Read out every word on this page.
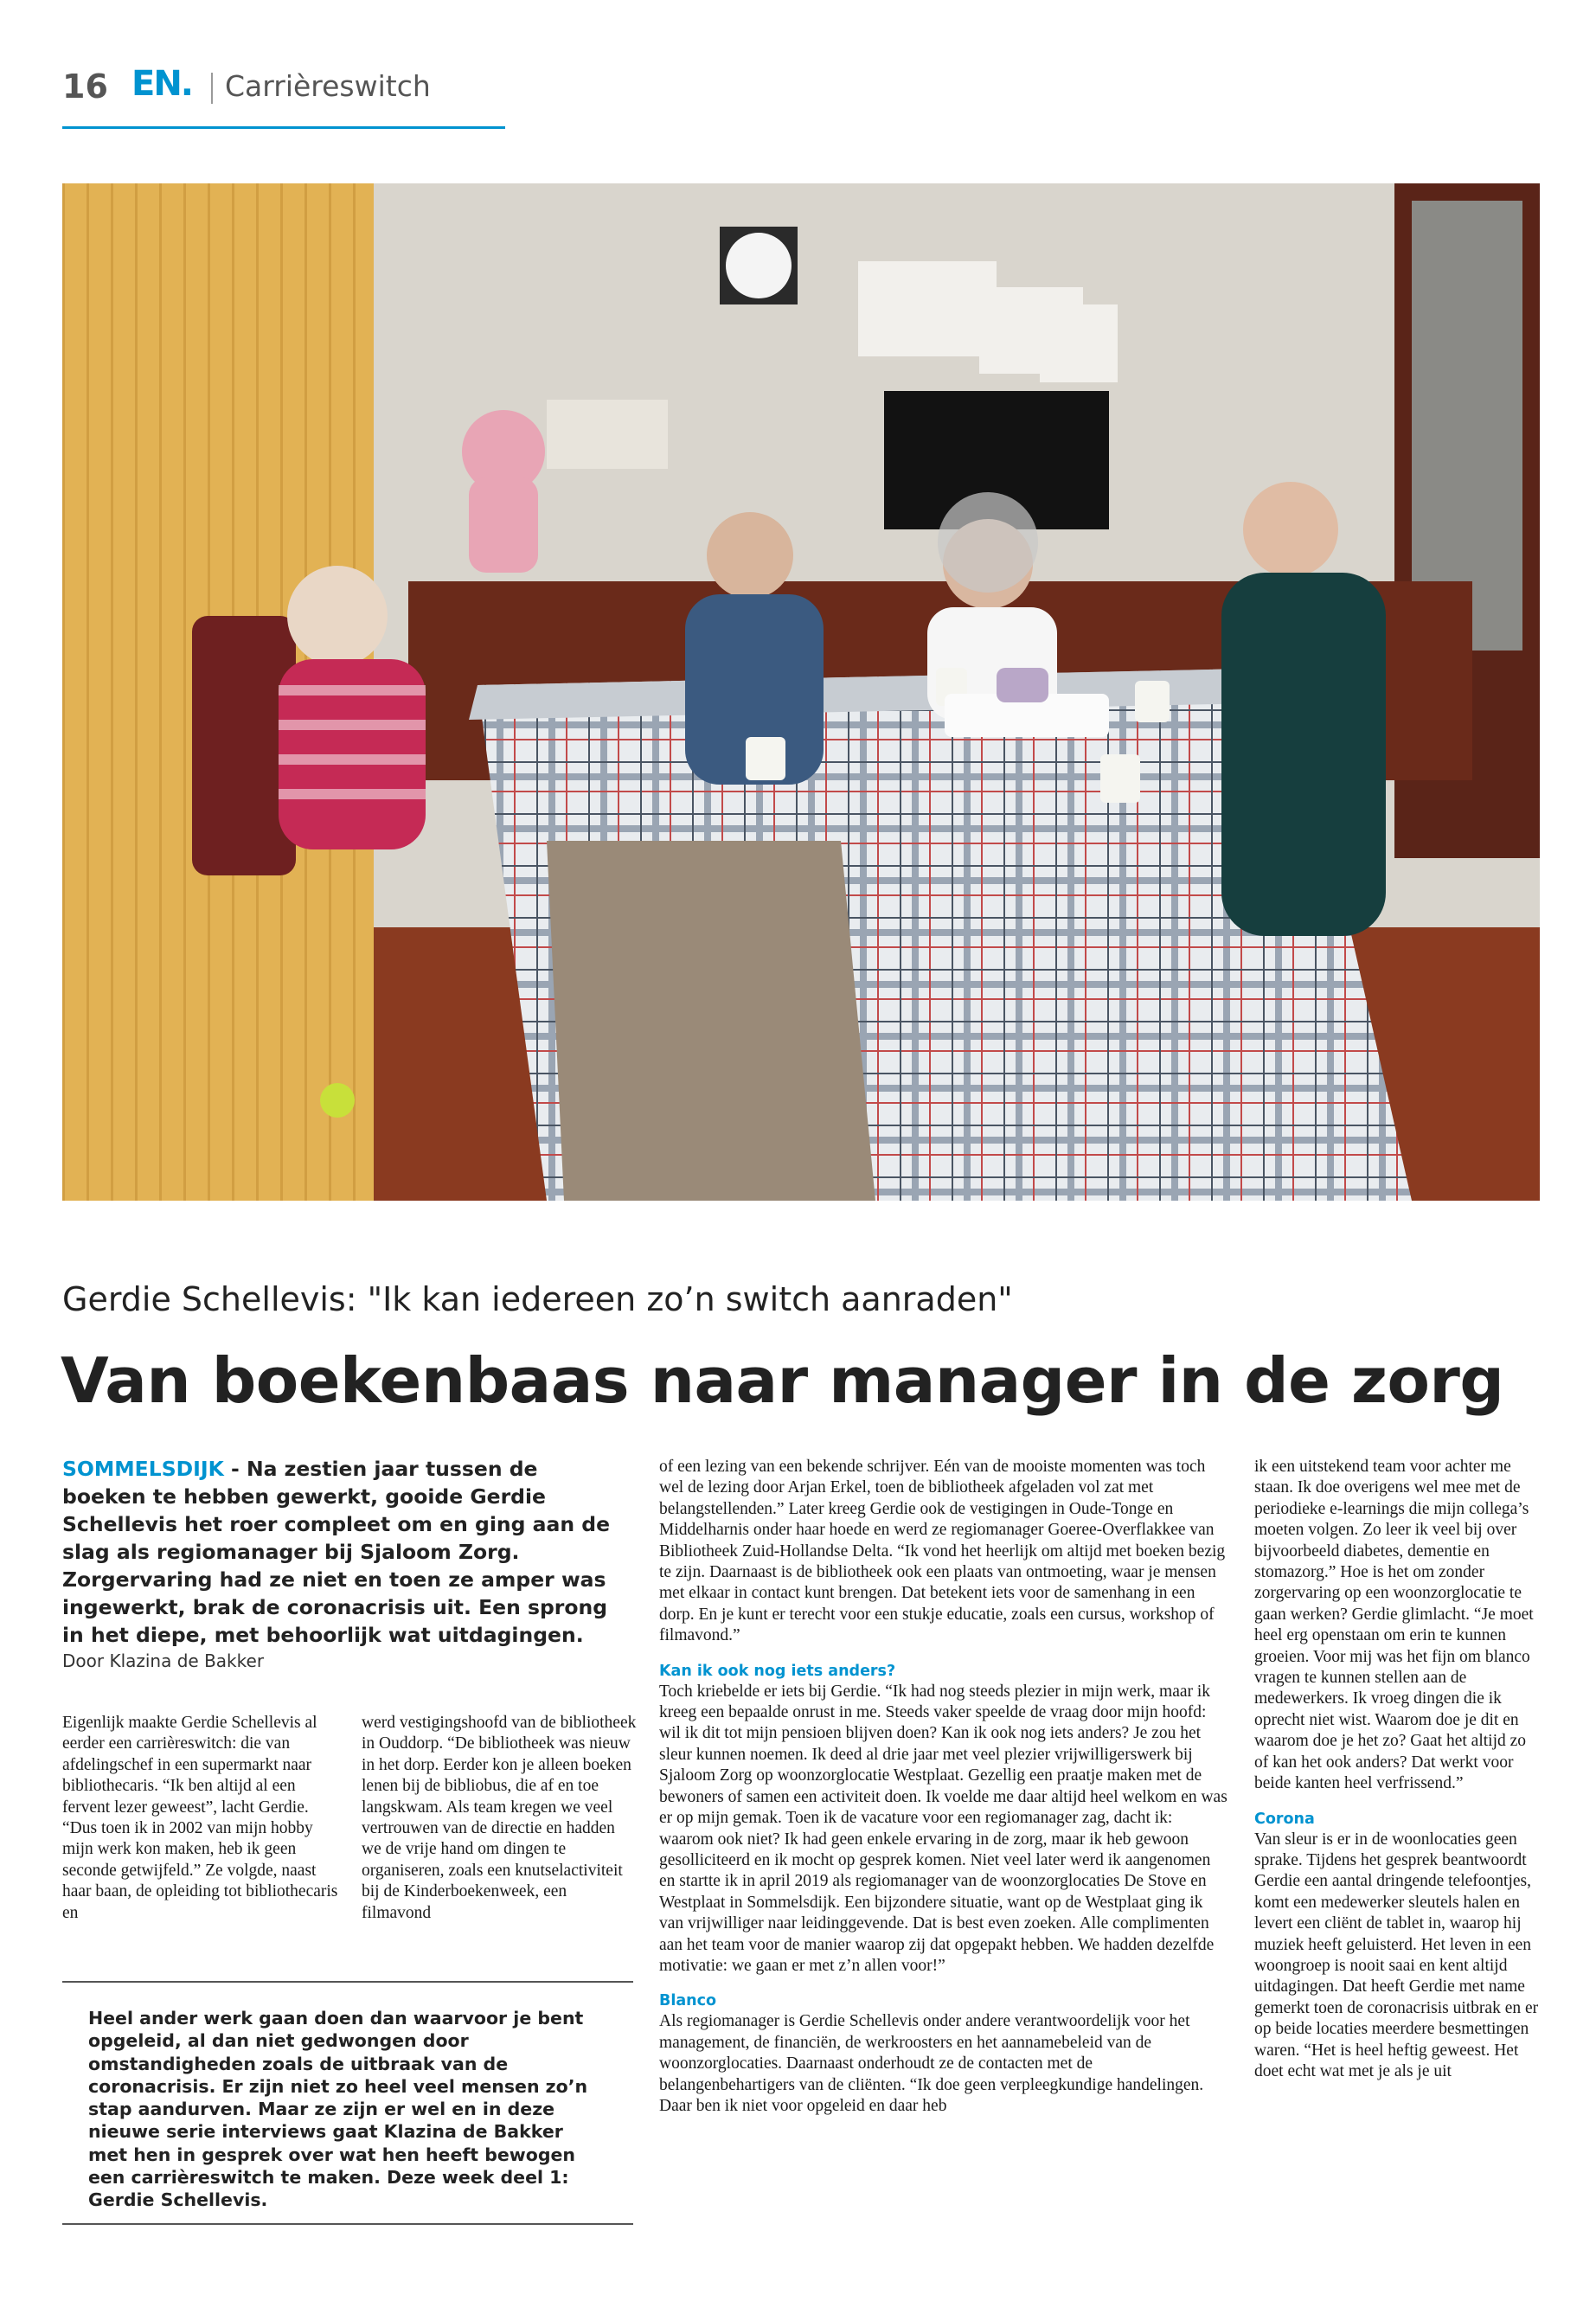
16 EN. Carrièreswitch
Gerdie Schellevis: "Ik kan iedereen zo’n switch aanraden"
Van boekenbaas naar manager in de zorg
SOMMELSDIJK - Na zestien jaar tussen de boeken te hebben gewerkt, gooide Gerdie Schellevis het roer compleet om en ging aan de slag als regiomanager bij Sjaloom Zorg. Zorgervaring had ze niet en toen ze amper was ingewerkt, brak de coronacrisis uit. Een sprong in het diepe, met behoorlijk wat uitdagingen.
Door Klazina de Bakker

Eigenlijk maakte Gerdie Schellevis al eerder een carrièreswitch: die van afdelingschef in een supermarkt naar bibliothecaris. “Ik ben altijd al een fervent lezer geweest”, lacht Gerdie. “Dus toen ik in 2002 van mijn hobby mijn werk kon maken, heb ik geen seconde getwijfeld.” Ze volgde, naast haar baan, de opleiding tot bibliothecaris en

werd vestigingshoofd van de bibliotheek in Ouddorp. “De bibliotheek was nieuw in het dorp. Eerder kon je alleen boeken lenen bij de bibliobus, die af en toe langskwam. Als team kregen we veel vertrouwen van de directie en hadden we de vrije hand om dingen te organiseren, zoals een knutselactiviteit bij de Kinderboekenweek, een filmavond

Heel ander werk gaan doen dan waarvoor je bent opgeleid, al dan niet gedwongen door omstandigheden zoals de uitbraak van de coronacrisis. Er zijn niet zo heel veel mensen zo’n stap aandurven. Maar ze zijn er wel en in deze nieuwe serie interviews gaat Klazina de Bakker met hen in gesprek over wat hen heeft bewogen een carrièreswitch te maken. Deze week deel 1: Gerdie Schellevis.

of een lezing van een bekende schrijver. Eén van de mooiste momenten was toch wel de lezing door Arjan Erkel, toen de bibliotheek afgeladen vol zat met belangstellenden.” Later kreeg Gerdie ook de vestigingen in Oude-Tonge en Middelharnis onder haar hoede en werd ze regiomanager Goeree-Overflakkee van Bibliotheek Zuid-Hollandse Delta. “Ik vond het heerlijk om altijd met boeken bezig te zijn. Daarnaast is de bibliotheek ook een plaats van ontmoeting, waar je mensen met elkaar in contact kunt brengen. Dat betekent iets voor de samenhang in een dorp. En je kunt er terecht voor een stukje educatie, zoals een cursus, workshop of filmavond.”

Kan ik ook nog iets anders?

Toch kriebelde er iets bij Gerdie. “Ik had nog steeds plezier in mijn werk, maar ik kreeg een bepaalde onrust in me. Steeds vaker speelde de vraag door mijn hoofd: wil ik dit tot mijn pensioen blijven doen? Kan ik ook nog iets anders? Je zou het sleur kunnen noemen. Ik deed al drie jaar met veel plezier vrijwilligerswerk bij Sjaloom Zorg op woonzorglocatie Westplaat. Gezellig een praatje maken met de bewoners of samen een activiteit doen. Ik voelde me daar altijd heel welkom en was er op mijn gemak. Toen ik de vacature voor een regiomanager zag, dacht ik: waarom ook niet? Ik had geen enkele ervaring in de zorg, maar ik heb gewoon gesolliciteerd en ik mocht op gesprek komen. Niet veel later werd ik aangenomen en startte ik in april 2019 als regiomanager van de woonzorglocaties De Stove en Westplaat in Sommelsdijk. Een bijzondere situatie, want op de Westplaat ging ik van vrijwilliger naar leidinggevende. Dat is best even zoeken. Alle complimenten aan het team voor de manier waarop zij dat opgepakt hebben. We hadden dezelfde motivatie: we gaan er met z’n allen voor!”

Blanco

Als regiomanager is Gerdie Schellevis onder andere verantwoordelijk voor het management, de financiën, de werkroosters en het aannamebeleid van de woonzorglocaties. Daarnaast onderhoudt ze de contacten met de belangenbehartigers van de cliënten. “Ik doe geen verpleegkundige handelingen. Daar ben ik niet voor opgeleid en daar heb

ik een uitstekend team voor achter me staan. Ik doe overigens wel mee met de periodieke e-learnings die mijn collega’s moeten volgen. Zo leer ik veel bij over bijvoorbeeld diabetes, dementie en stomazorg.” Hoe is het om zonder zorgervaring op een woonzorglocatie te gaan werken? Gerdie glimlacht. “Je moet heel erg openstaan om erin te kunnen groeien. Voor mij was het fijn om blanco vragen te kunnen stellen aan de medewerkers. Ik vroeg dingen die ik oprecht niet wist. Waarom doe je dit en waarom doe je het zo? Gaat het altijd zo of kan het ook anders? Dat werkt voor beide kanten heel verfrissend.”

Corona

Van sleur is er in de woonlocaties geen sprake. Tijdens het gesprek beantwoordt Gerdie een aantal dringende telefoontjes, komt een medewerker sleutels halen en levert een cliënt de tablet in, waarop hij muziek heeft geluisterd. Het leven in een woongroep is nooit saai en kent altijd uitdagingen. Dat heeft Gerdie met name gemerkt toen de coronacrisis uitbrak en er op beide locaties meerdere besmettingen waren. “Het is heel heftig geweest. Het doet echt wat met je als je uit
